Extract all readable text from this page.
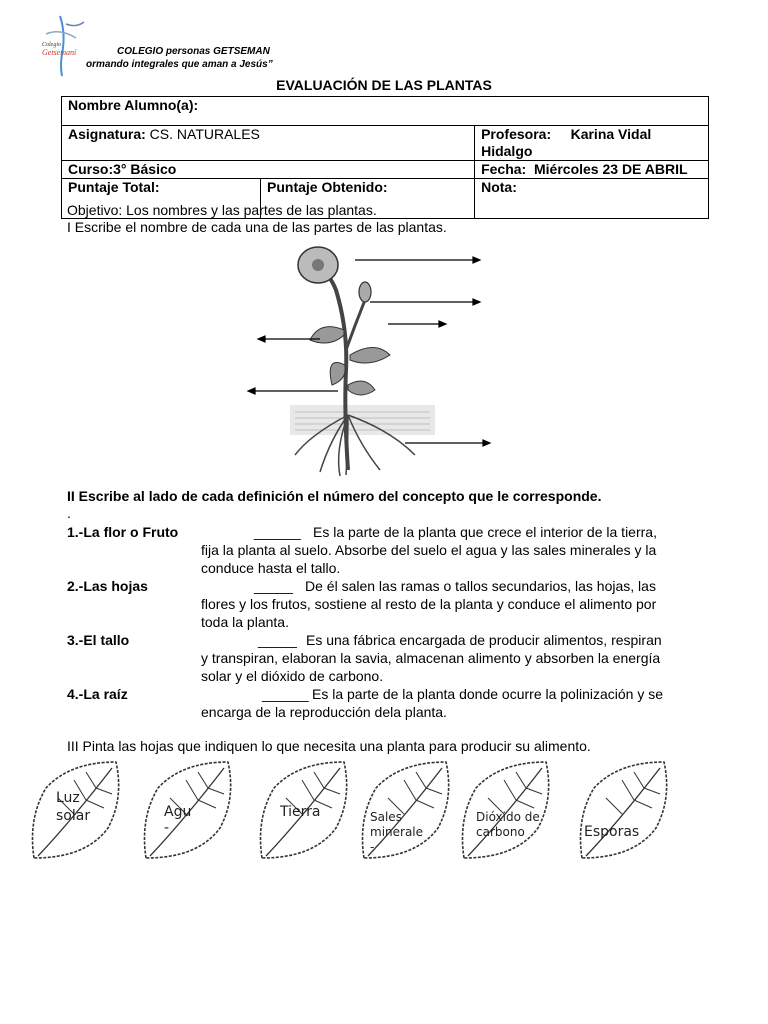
Colegio
Getsemaní	COLEGIO personas GETSEMAN
ormando integrales que aman a Jesús”
EVALUACIÓN DE LAS PLANTAS
Nombre Alumno(a):		
Asignatura: CS. NATURALES		Profesora: Karina Vidal Hidalgo
Curso:3° Básico		Fecha: Miércoles 23 DE ABRIL
Puntaje Total:	Puntaje Obtenido:	Nota:
Objetivo: Los nombres y las partes de las plantas.
I Escribe el nombre de cada una de las partes de las plantas.
II Escribe al lado de cada definición el número del concepto que le corresponde.
.
1.-La flor o Fruto	______ Es la parte de la planta que crece el interior de la tierra,
fija la planta al suelo. Absorbe del suelo el agua y las sales minerales y la
conduce hasta el tallo.
2.-Las hojas	_____ De él salen las ramas o tallos secundarios, las hojas, las
flores y los frutos, sostiene al resto de la planta y conduce el alimento por
toda la planta.
3.-El tallo	_____ Es una fábrica encargada de producir alimentos, respiran
y transpiran, elaboran la savia, almacenan alimento y absorben la energía
solar y el dióxido de carbono.
4.-La raíz	______ Es la parte de la planta donde ocurre la polinización y se
encarga de la reproducción dela planta.
III Pinta las hojas que indiquen lo que necesita una planta para producir su alimento.
Luz
solar	Agu
-
Tierra	Sales
minerale
-
Dióxido de
carbono	Esporas
